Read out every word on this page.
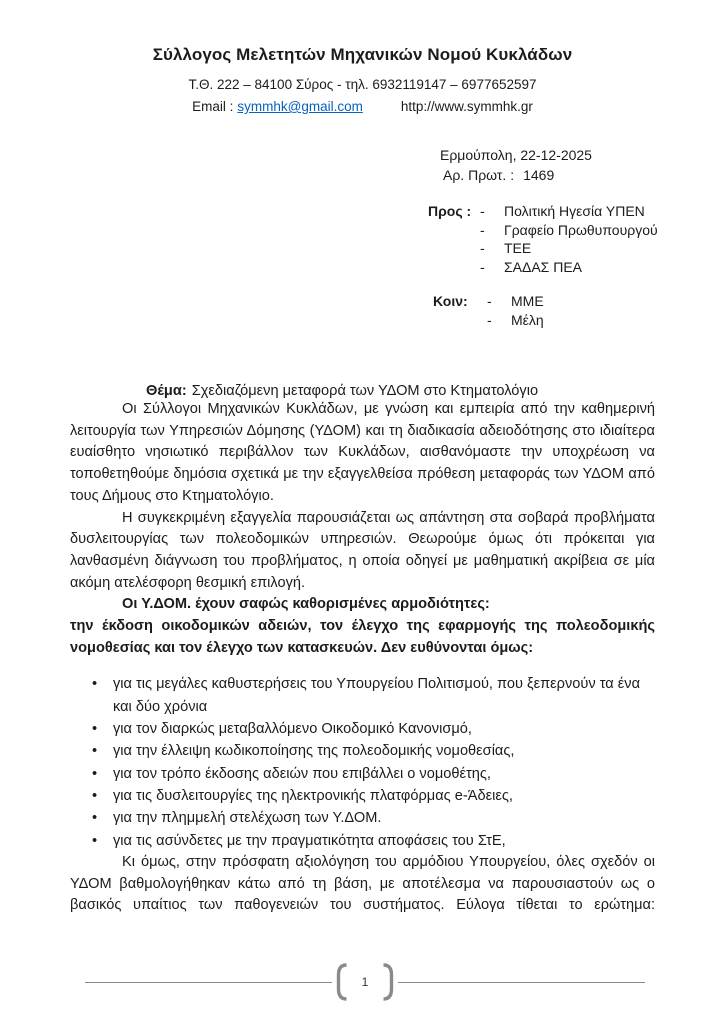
Σύλλογος Μελετητών Μηχανικών Νομού Κυκλάδων
Τ.Θ. 222 – 84100 Σύρος - τηλ. 6932119147 – 6977652597
Email : symmhk@gmail.com	http://www.symmhk.gr
Ερμούπολη, 22-12-2025
Αρ. Πρωτ. : 1469
Προς : -	Πολιτική Ηγεσία ΥΠΕΝ
-	Γραφείο Πρωθυπουργού
-	ΤΕΕ
-	ΣΑΔΑΣ ΠΕΑ
Κοιν:	-	ΜΜΕ
-	Μέλη
Θέμα: Σχεδιαζόμενη μεταφορά των ΥΔΟΜ στο Κτηματολόγιο

Οι Σύλλογοι Μηχανικών Κυκλάδων, με γνώση και εμπειρία από την καθημερινή λειτουργία των Υπηρεσιών Δόμησης (ΥΔΟΜ) και τη διαδικασία αδειοδότησης στο ιδιαίτερα ευαίσθητο νησιωτικό περιβάλλον των Κυκλάδων, αισθανόμαστε την υποχρέωση να τοποθετηθούμε δημόσια σχετικά με την εξαγγελθείσα πρόθεση μεταφοράς των ΥΔΟΜ από τους Δήμους στο Κτηματολόγιο.

Η συγκεκριμένη εξαγγελία παρουσιάζεται ως απάντηση στα σοβαρά προβλήματα δυσλειτουργίας των πολεοδομικών υπηρεσιών. Θεωρούμε όμως ότι πρόκειται για λανθασμένη διάγνωση του προβλήματος, η οποία οδηγεί με μαθηματική ακρίβεια σε μία ακόμη ατελέσφορη θεσμική επιλογή.

Οι Υ.ΔΟΜ. έχουν σαφώς καθορισμένες αρμοδιότητες:
την έκδοση οικοδομικών αδειών, τον έλεγχο της εφαρμογής της πολεοδομικής νομοθεσίας και τον έλεγχο των κατασκευών. Δεν ευθύνονται όμως:

• για τις μεγάλες καθυστερήσεις του Υπουργείου Πολιτισμού, που ξεπερνούν τα ένα και δύο χρόνια
• για τον διαρκώς μεταβαλλόμενο Οικοδομικό Κανονισμό,
• για την έλλειψη κωδικοποίησης της πολεοδομικής νομοθεσίας,
• για τον τρόπο έκδοσης αδειών που επιβάλλει ο νομοθέτης,
• για τις δυσλειτουργίες της ηλεκτρονικής πλατφόρμας e-Άδειες,
• για την πλημμελή στελέχωση των Υ.ΔΟΜ.
• για τις ασύνδετες με την πραγματικότητα αποφάσεις του ΣτΕ,

Κι όμως, στην πρόσφατη αξιολόγηση του αρμόδιου Υπουργείου, όλες σχεδόν οι ΥΔΟΜ βαθμολογήθηκαν κάτω από τη βάση, με αποτέλεσμα να παρουσιαστούν ως ο βασικός υπαίτιος των παθογενειών του συστήματος. Εύλογα τίθεται το ερώτημα:

1
